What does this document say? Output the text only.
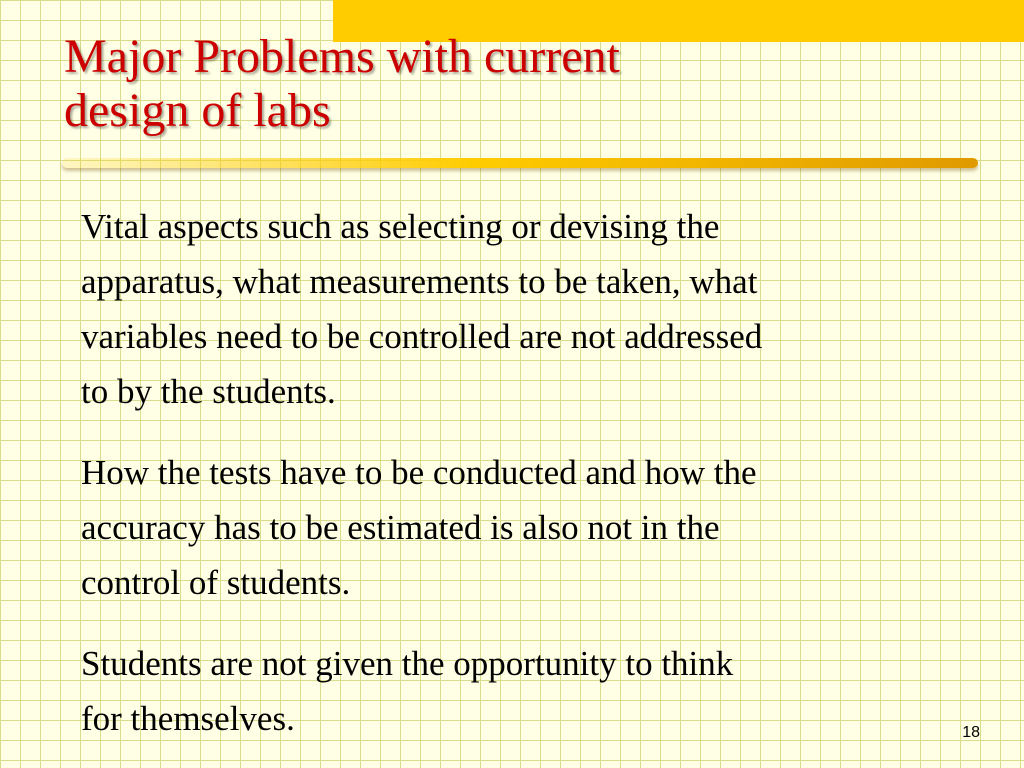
Major Problems with current
design of labs

Vital aspects such as selecting or devising the
apparatus, what measurements to be taken, what
variables need to be controlled are not addressed
to by the students.

How the tests have to be conducted and how the
accuracy has to be estimated is also not in the
control of students.

Students are not given the opportunity to think
for themselves.	18
